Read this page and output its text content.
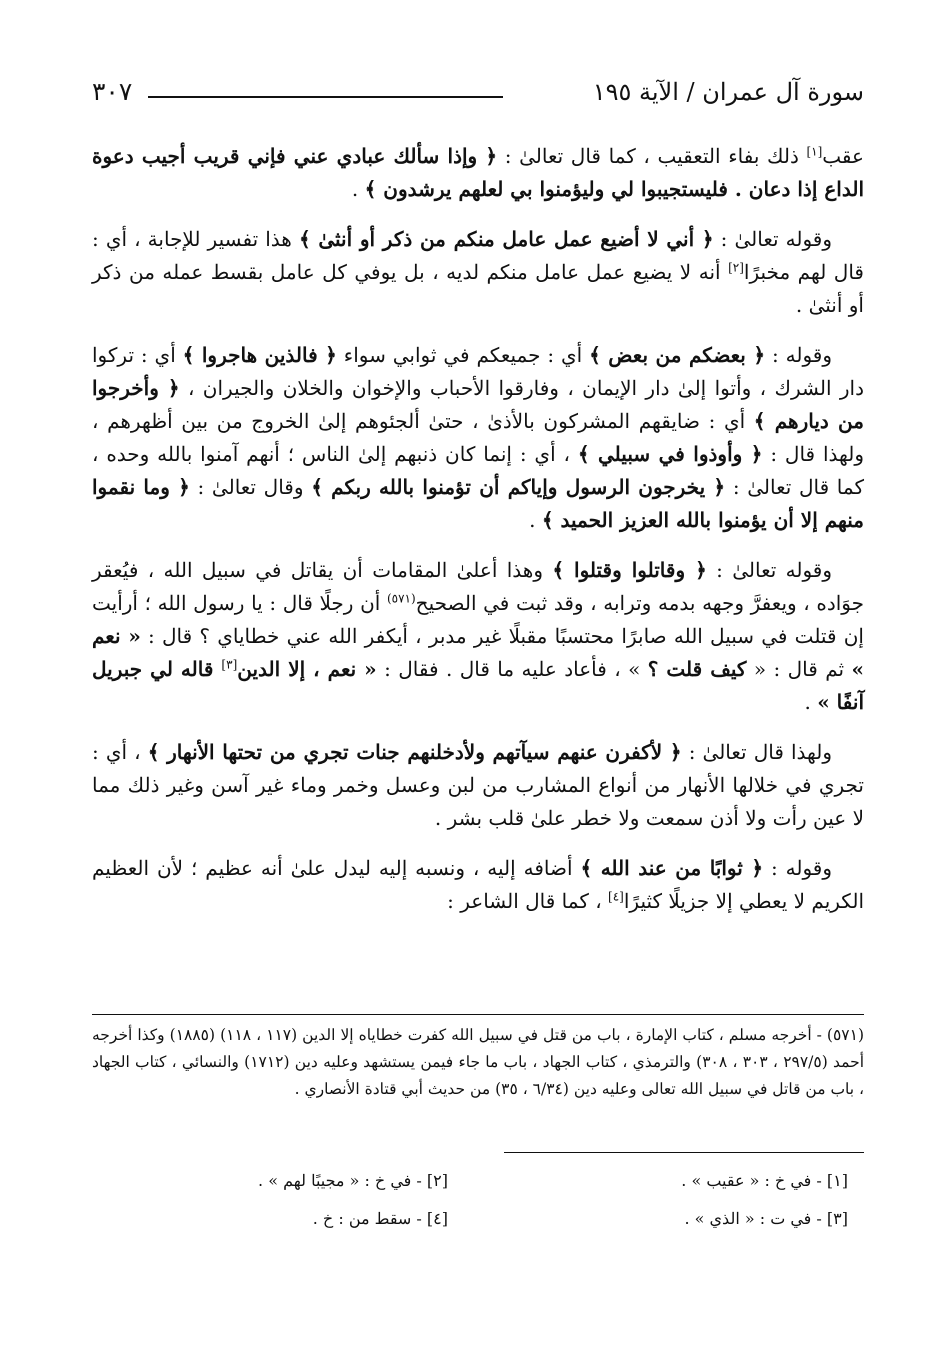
٣٠٧	سورة آل عمران / الآية ١٩٥

عقب[١] ذلك بفاء التعقيب ، كما قال تعالىٰ : ﴿ وإذا سألك عبادي عني فإني قريب أجيب دعوة الداع إذا دعان . فليستجيبوا لي وليؤمنوا بي لعلهم يرشدون ﴾ .

وقوله تعالىٰ : ﴿ أني لا أضيع عمل عامل منكم من ذكر أو أنثىٰ ﴾ هذا تفسير للإجابة ، أي : قال لهم مخبرًا[٢] أنه لا يضيع عمل عامل منكم لديه ، بل يوفي كل عامل بقسط عمله من ذكر أو أنثىٰ .

وقوله : ﴿ بعضكم من بعض ﴾ أي : جميعكم في ثوابي سواء ﴿ فالذين هاجروا ﴾ أي : تركوا دار الشرك ، وأتوا إلىٰ دار الإيمان ، وفارقوا الأحباب والإخوان والخلان والجيران ، ﴿ وأخرجوا من ديارهم ﴾ أي : ضايقهم المشركون بالأذىٰ ، حتىٰ ألجئوهم إلىٰ الخروج من بين أظهرهم ، ولهذا قال : ﴿ وأوذوا في سبيلي ﴾ ، أي : إنما كان ذنبهم إلىٰ الناس ؛ أنهم آمنوا بالله وحده ، كما قال تعالىٰ : ﴿ يخرجون الرسول وإياكم أن تؤمنوا بالله ربكم ﴾ وقال تعالىٰ : ﴿ وما نقموا منهم إلا أن يؤمنوا بالله العزيز الحميد ﴾ .

وقوله تعالىٰ : ﴿ وقاتلوا وقتلوا ﴾ وهذا أعلىٰ المقامات أن يقاتل في سبيل الله ، فيُعقر جوَاده ، ويعفرَّ وجهه بدمه وترابه ، وقد ثبت في الصحيح$^{(٥٧١)}$ أن رجلًا قال : يا رسول الله ؛ أرأيت إن قتلت في سبيل الله صابرًا محتسبًا مقبلًا غير مدبر ، أيكفر الله عني خطاياي ؟ قال : « نعم » ثم قال : « كيف قلت ؟ » ، فأعاد عليه ما قال . فقال : « نعم ، إلا الدين[٣] قاله لي جبريل آنفًا » .

ولهذا قال تعالىٰ : ﴿ لأكفرن عنهم سيآتهم ولأدخلنهم جنات تجري من تحتها الأنهار ﴾ ، أي : تجري في خلالها الأنهار من أنواع المشارب من لبن وعسل وخمر وماء غير آسن وغير ذلك مما لا عين رأت ولا أذن سمعت ولا خطر علىٰ قلب بشر .

وقوله : ﴿ ثوابًا من عند الله ﴾ أضافه إليه ، ونسبه إليه ليدل علىٰ أنه عظيم ؛ لأن العظيم الكريم لا يعطي إلا جزيلًا كثيرًا[٤] ، كما قال الشاعر :

(٥٧١) - أخرجه مسلم ، كتاب الإمارة ، باب من قتل في سبيل الله كفرت خطاياه إلا الدين (١١٧ ، ١١٨) (١٨٨٥) وكذا أخرجه أحمد (٢٩٧/٥ ، ٣٠٣ ، ٣٠٨) والترمذي ، كتاب الجهاد ، باب ما جاء فيمن يستشهد وعليه دين (١٧١٢) والنسائي ، كتاب الجهاد ، باب من قاتل في سبيل الله تعالى وعليه دين (٦/٣٤ ، ٣٥) من حديث أبي قتادة الأنصاري .
[١] - في خ : « عقيب » .
[٢] - في خ : « مجيبًا لهم » .
[٣] - في ت : « الذي » .
[٤] - سقط من : خ .
